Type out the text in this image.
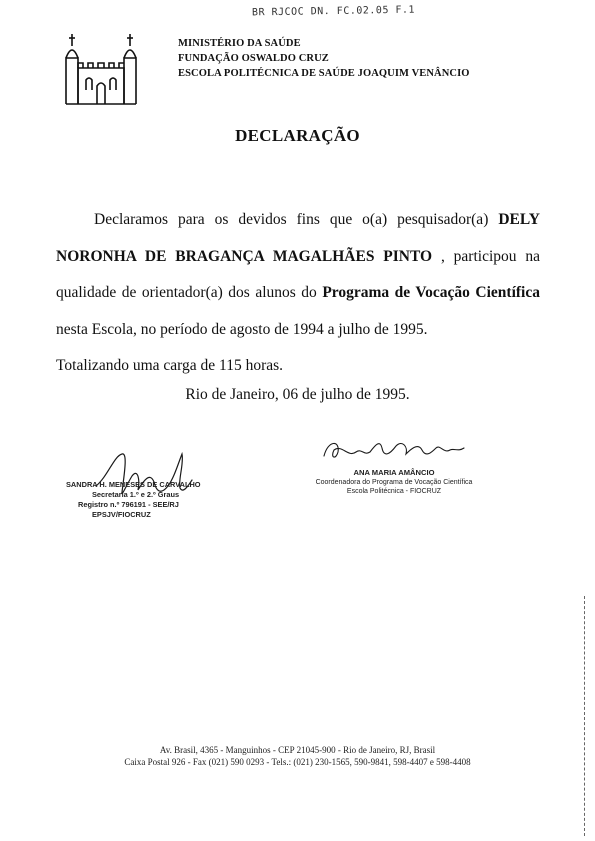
BR RJCOC DN. FC.02.05 F.1
MINISTÉRIO DA SAÚDE
FUNDAÇÃO OSWALDO CRUZ
ESCOLA POLITÉCNICA DE SAÚDE JOAQUIM VENÂNCIO
DECLARAÇÃO

Declaramos para os devidos fins que o(a) pesquisador(a) DELY NORONHA DE BRAGANÇA MAGALHÃES PINTO , participou na qualidade de orientador(a) dos alunos do Programa de Vocação Científica nesta Escola, no período de agosto de 1994 a julho de 1995.

Totalizando uma carga de 115 horas.

Rio de Janeiro, 06 de julho de 1995.
SANDRA H. MENESES DE CARVALHO
Secretaria 1.º e 2.º Graus
Registro n.º 796191 - SEE/RJ
EPSJV/FIOCRUZ
ANA MARIA AMÂNCIO
Coordenadora do Programa de Vocação Científica
Escola Politécnica - FIOCRUZ
Av. Brasil, 4365 - Manguinhos - CEP 21045-900 - Rio de Janeiro, RJ, Brasil
Caixa Postal 926 - Fax (021) 590 0293 - Tels.: (021) 230-1565, 590-9841, 598-4407 e 598-4408
